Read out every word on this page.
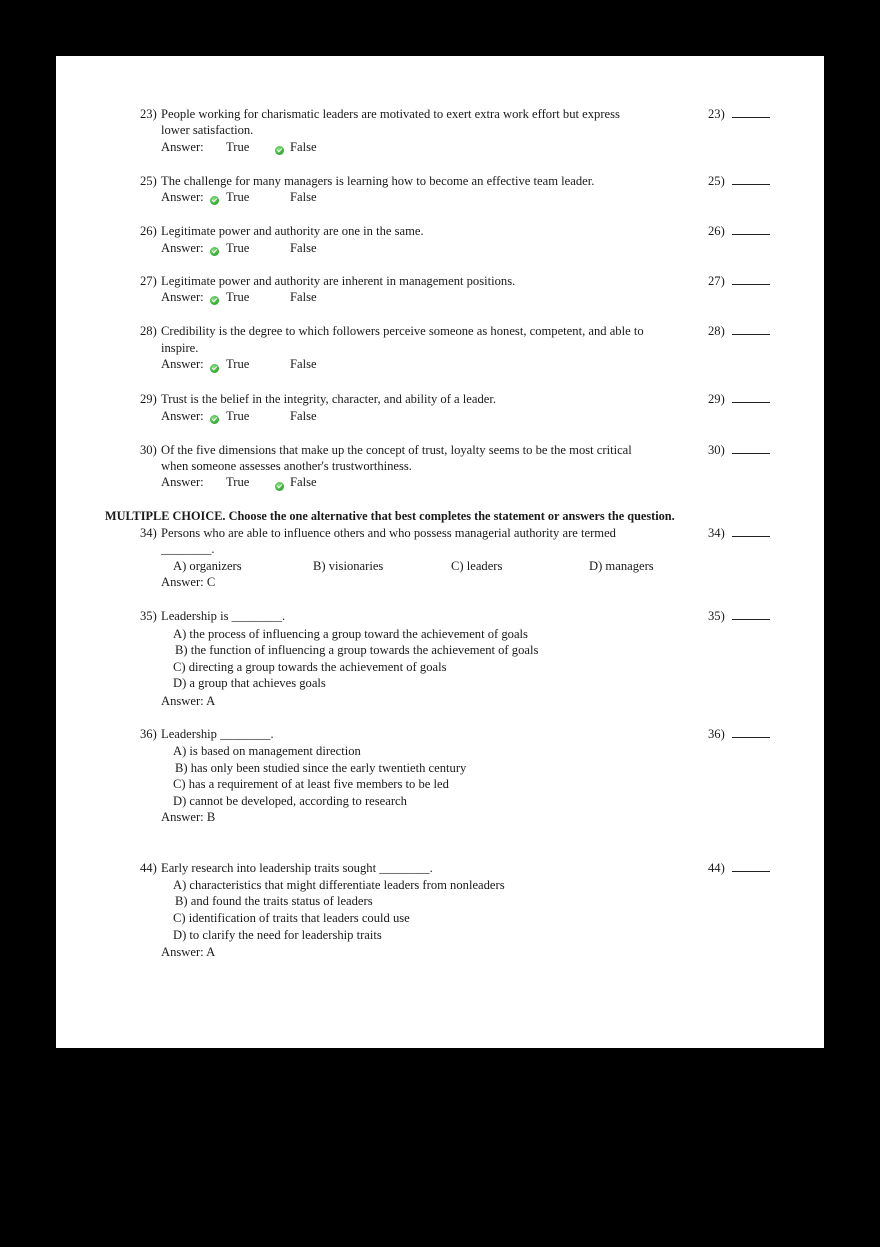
23) People working for charismatic leaders are motivated to exert extra work effort but express
lower satisfaction.
Answer: True	False
23)
25) The challenge for many managers is learning how to become an effective team leader.
Answer: True	False
25)
26) Legitimate power and authority are one in the same.
Answer: True	False
26)
27) Legitimate power and authority are inherent in management positions.
Answer: True	False
27)
28) Credibility is the degree to which followers perceive someone as honest, competent, and able to
inspire.
Answer: True	False
28)
29) Trust is the belief in the integrity, character, and ability of a leader.
Answer: True	False
29)
30) Of the five dimensions that make up the concept of trust, loyalty seems to be the most critical
when someone assesses another's trustworthiness.
Answer: True	False
30)
MULTIPLE CHOICE. Choose the one alternative that best completes the statement or answers the question.
34) Persons who are able to influence others and who possess managerial authority are termed
________.
A) organizers	B) visionaries	C) leaders	D) managers
Answer: C
34)
35) Leadership is ________.
A) the process of influencing a group toward the achievement of goals
B) the function of influencing a group towards the achievement of goals
C) directing a group towards the achievement of goals
D) a group that achieves goals
Answer: A
35)
36) Leadership ________.
A) is based on management direction
B) has only been studied since the early twentieth century
C) has a requirement of at least five members to be led
D) cannot be developed, according to research
Answer: B
36)
44) Early research into leadership traits sought ________.
A) characteristics that might differentiate leaders from nonleaders
B) and found the traits status of leaders
C) identification of traits that leaders could use
D) to clarify the need for leadership traits
Answer: A
44)
